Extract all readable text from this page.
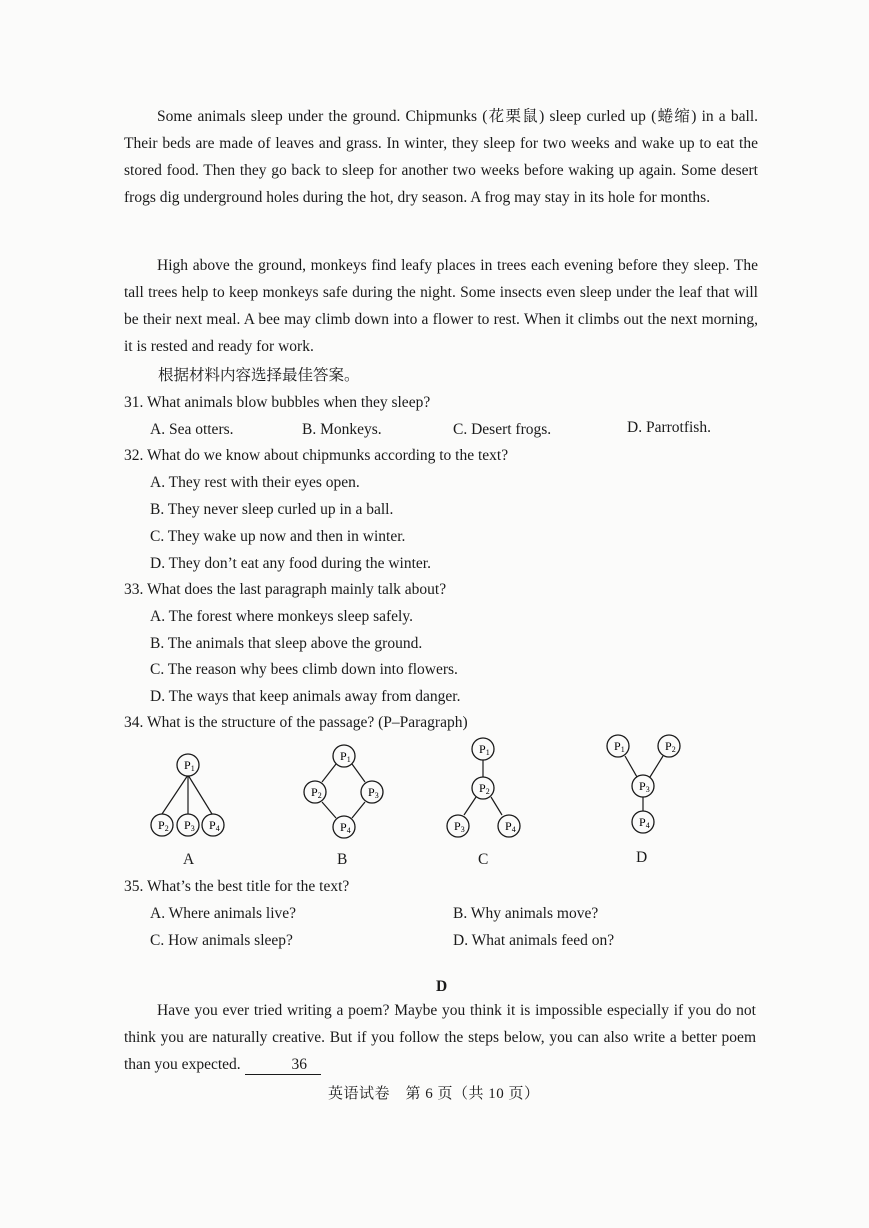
Some animals sleep under the ground. Chipmunks (花栗鼠) sleep curled up (蜷缩) in a ball. Their beds are made of leaves and grass. In winter, they sleep for two weeks and wake up to eat the stored food. Then they go back to sleep for another two weeks before waking up again. Some desert frogs dig underground holes during the hot, dry season. A frog may stay in its hole for months.

High above the ground, monkeys find leafy places in trees each evening before they sleep. The tall trees help to keep monkeys safe during the night. Some insects even sleep under the leaf that will be their next meal. A bee may climb down into a flower to rest. When it climbs out the next morning, it is rested and ready for work.

根据材料内容选择最佳答案。
31. What animals blow bubbles when they sleep?
A. Sea otters.	B. Monkeys.	C. Desert frogs.	D. Parrotfish.
32. What do we know about chipmunks according to the text?
A. They rest with their eyes open.
B. They never sleep curled up in a ball.
C. They wake up now and then in winter.
D. They don’t eat any food during the winter.
33. What does the last paragraph mainly talk about?
A. The forest where monkeys sleep safely.
B. The animals that sleep above the ground.
C. The reason why bees climb down into flowers.
D. The ways that keep animals away from danger.
34. What is the structure of the passage? (P–Paragraph)
P1
P2 P3 P4
P1
P2	P3
P4
P1
P2
P3	P4
P1	P2
P3
P4
A	B	C	D
35. What’s the best title for the text?
A. Where animals live?	B. Why animals move?
C. How animals sleep?	D. What animals feed on?
D

Have you ever tried writing a poem? Maybe you think it is impossible especially if you do not think you are naturally creative. But if you follow the steps below, you can also write a better poem than you expected.	36

英语试卷　第 6 页（共 10 页）
